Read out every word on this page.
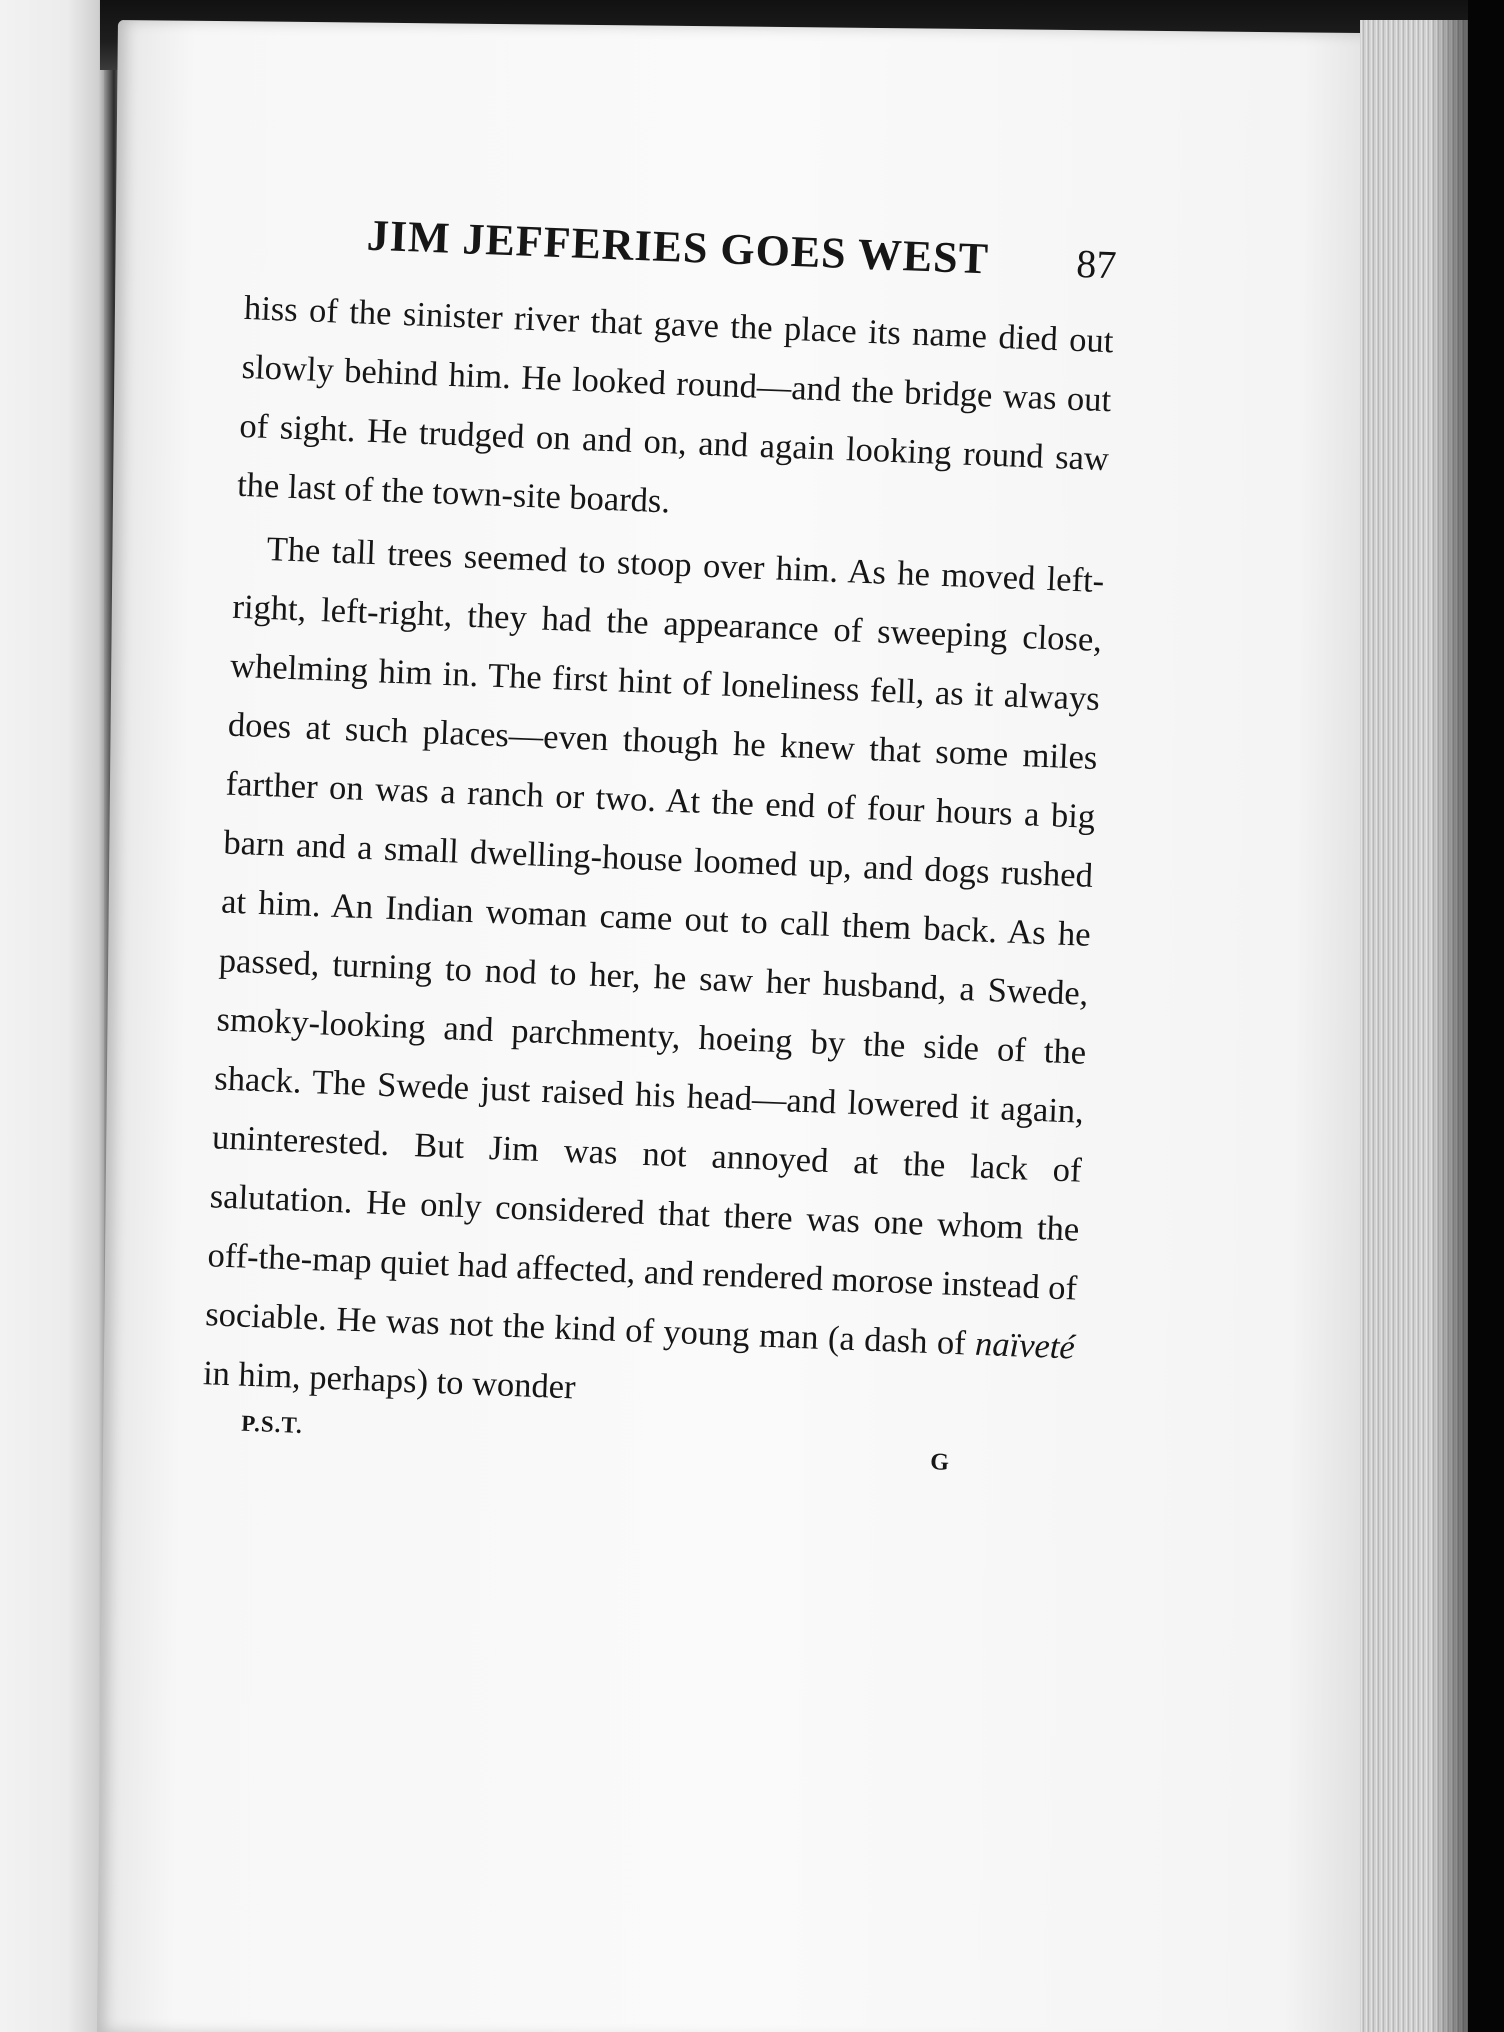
JIM JEFFERIES GOES WEST 87

hiss of the sinister river that gave the place its name died out slowly behind him. He looked round—and the bridge was out of sight. He trudged on and on, and again looking round saw the last of the town-site boards.

The tall trees seemed to stoop over him. As he moved left-right, left-right, they had the appearance of sweeping close, whelming him in. The first hint of loneliness fell, as it always does at such places—even though he knew that some miles farther on was a ranch or two. At the end of four hours a big barn and a small dwelling-house loomed up, and dogs rushed at him. An Indian woman came out to call them back. As he passed, turning to nod to her, he saw her husband, a Swede, smoky-looking and parchmenty, hoeing by the side of the shack. The Swede just raised his head—and lowered it again, uninterested. But Jim was not annoyed at the lack of salutation. He only considered that there was one whom the off-the-map quiet had affected, and rendered morose instead of sociable. He was not the kind of young man (a dash of naïveté in him, perhaps) to wonder

P.S.T.
G
